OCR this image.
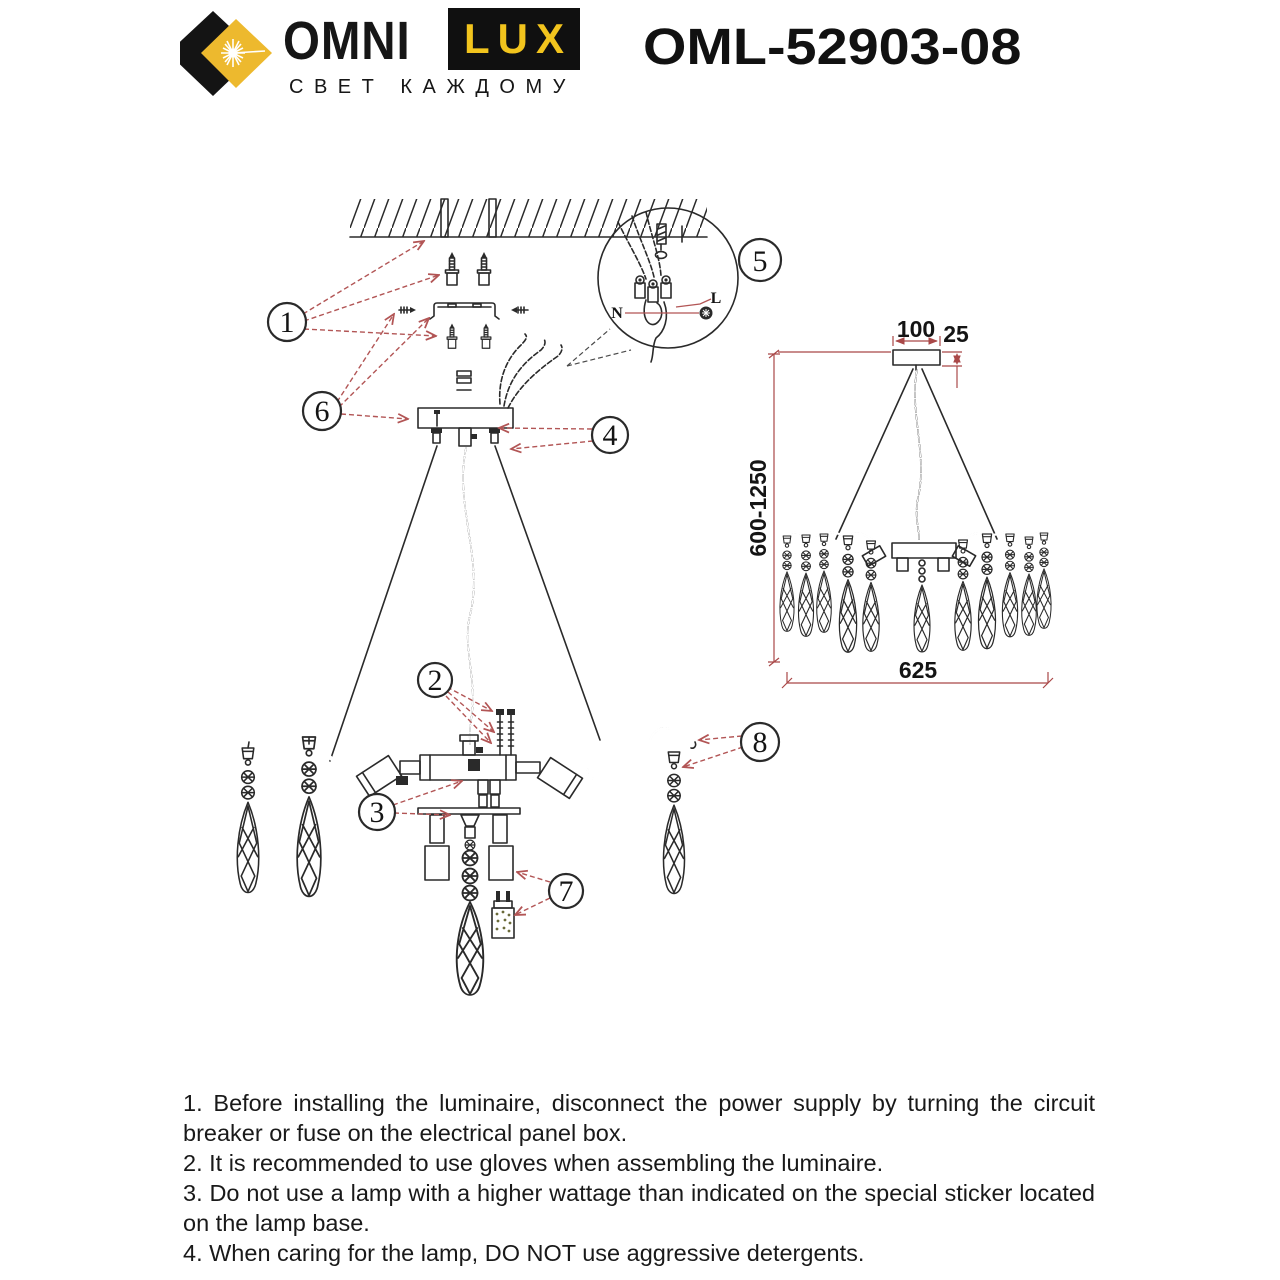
OMNI	LUX
СВЕТ КАЖДОМУ
OML-52903-08
N
L
1
6
5
4
2
3
7
8
100 25
600-1250
625

1. Before installing the luminaire, disconnect the power supply by turning the circuit breaker or fuse on the electrical panel box.

2. It is recommended to use gloves when assembling the luminaire.

3. Do not use a lamp with a higher wattage than indicated on the special sticker located on the lamp base.

4. When caring for the lamp, DO NOT use aggressive detergents.
